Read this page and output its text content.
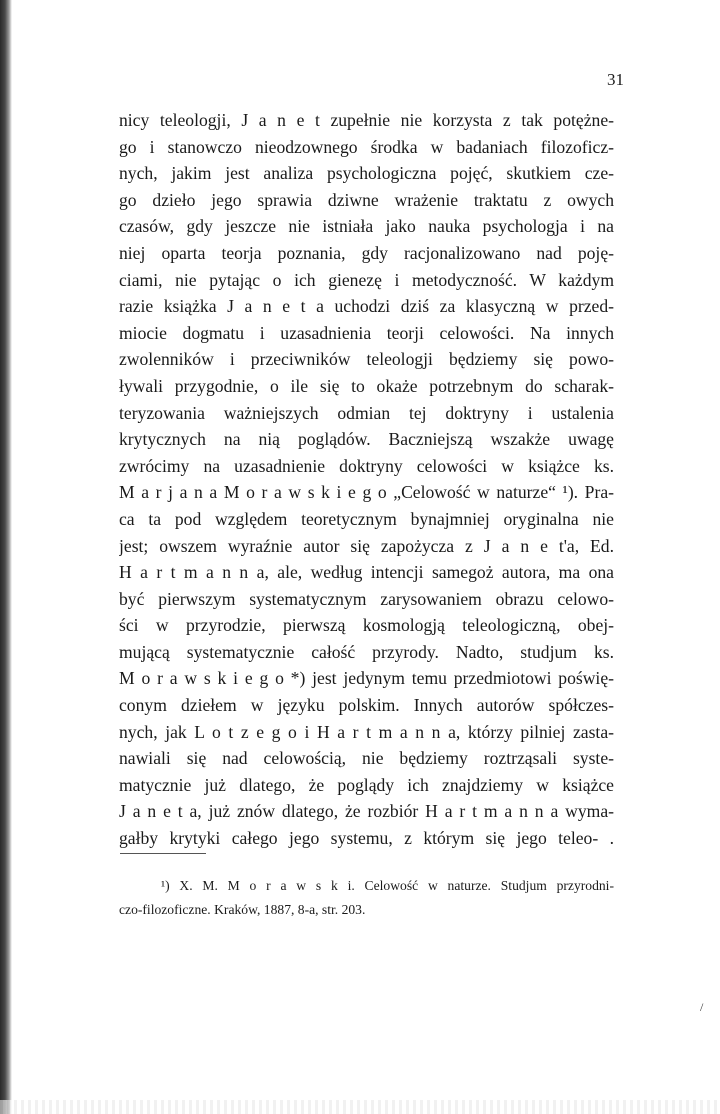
31
nicy teleologji, J a n e t zupełnie nie korzysta z tak potężne-
go i stanowczo nieodzownego środka w badaniach filozoficz-
nych, jakim jest analiza psychologiczna pojęć, skutkiem cze-
go dzieło jego sprawia dziwne wrażenie traktatu z owych
czasów, gdy jeszcze nie istniała jako nauka psychologja i na
niej oparta teorja poznania, gdy racjonalizowano nad poję-
ciami, nie pytając o ich gienezę i metodyczność. W każdym
razie książka J a n e t a uchodzi dziś za klasyczną w przed-
miocie dogmatu i uzasadnienia teorji celowości. Na innych
zwolenników i przeciwników teleologji będziemy się powo-
ływali przygodnie, o ile się to okaże potrzebnym do scharak-
teryzowania ważniejszych odmian tej doktryny i ustalenia
krytycznych na nią poglądów. Baczniejszą wszakże uwagę
zwrócimy na uzasadnienie doktryny celowości w książce ks.
M a r j a n a M o r a w s k i e g o „Celowość w naturze“ ¹). Pra-
ca ta pod względem teoretycznym bynajmniej oryginalna nie
jest; owszem wyraźnie autor się zapożycza z J a n e t'a, Ed.
H a r t m a n n a, ale, według intencji samegoż autora, ma ona
być pierwszym systematycznym zarysowaniem obrazu celowo-
ści w przyrodzie, pierwszą kosmologją teleologiczną, obej-
mującą systematycznie całość przyrody. Nadto, studjum ks.
M o r a w s k i e g o *) jest jedynym temu przedmiotowi poświę-
conym dziełem w języku polskim. Innych autorów spółczes-
nych, jak L o t z e g o i H a r t m a n n a, którzy pilniej zasta-
nawiali się nad celowością, nie będziemy roztrząsali syste-
matycznie już dlatego, że poglądy ich znajdziemy w książce
J a n e t a, już znów dlatego, że rozbiór H a r t m a n n a wyma-
gałby krytyki całego jego systemu, z którym się jego teleo- .
¹) X. M. M o r a w s k i. Celowość w naturze. Studjum przyrodni-
czo-filozoficzne. Kraków, 1887, 8-a, str. 203.
/
